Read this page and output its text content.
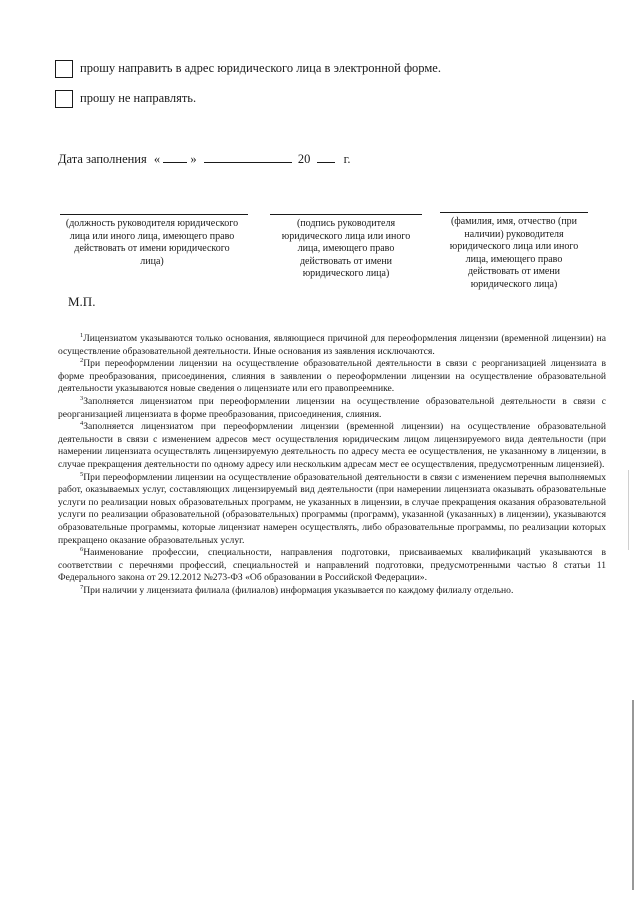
прошу направить в адрес юридического лица в электронной форме.
прошу не направлять.
Дата заполнения « »	20	г.
(должность руководителя юридического лица или иного лица, имеющего право действовать от имени юридического лица)
(подпись руководителя юридического лица или иного лица, имеющего право действовать от имени юридического лица)
(фамилия, имя, отчество (при наличии) руководителя юридического лица или иного лица, имеющего право действовать от имени юридического лица)
М.П.

$^1$Лицензиатом указываются только основания, являющиеся причиной для переоформления лицензии (временной лицензии) на осуществление образовательной деятельности. Иные основания из заявления исключаются.

$^2$При переоформлении лицензии на осуществление образовательной деятельности в связи с реорганизацией лицензиата в форме преобразования, присоединения, слияния в заявлении о переоформлении лицензии на осуществление образовательной деятельности указываются новые сведения о лицензиате или его правопреемнике.

$^3$Заполняется лицензиатом при переоформлении лицензии на осуществление образовательной деятельности в связи с реорганизацией лицензиата в форме преобразования, присоединения, слияния.

$^4$Заполняется лицензиатом при переоформлении лицензии (временной лицензии) на осуществление образовательной деятельности в связи с изменением адресов мест осуществления юридическим лицом лицензируемого вида деятельности (при намерении лицензиата осуществлять лицензируемую деятельность по адресу места ее осуществления, не указанному в лицензии, в случае прекращения деятельности по одному адресу или нескольким адресам мест ее осуществления, предусмотренным лицензией).

$^5$При переоформлении лицензии на осуществление образовательной деятельности в связи с изменением перечня выполняемых работ, оказываемых услуг, составляющих лицензируемый вид деятельности (при намерении лицензиата оказывать образовательные услуги по реализации новых образовательных программ, не указанных в лицензии, в случае прекращения оказания образовательной услуги по реализации образовательной (образовательных) программы (программ), указанной (указанных) в лицензии), указываются образовательные программы, которые лицензиат намерен осуществлять, либо образовательные программы, по реализации которых прекращено оказание образовательных услуг.

$^6$Наименование профессии, специальности, направления подготовки, присваиваемых квалификаций указываются в соответствии с перечнями профессий, специальностей и направлений подготовки, предусмотренными частью 8 статьи 11 Федерального закона от 29.12.2012 №273-ФЗ «Об образовании в Российской Федерации».

$^7$При наличии у лицензиата филиала (филиалов) информация указывается по каждому филиалу отдельно.
